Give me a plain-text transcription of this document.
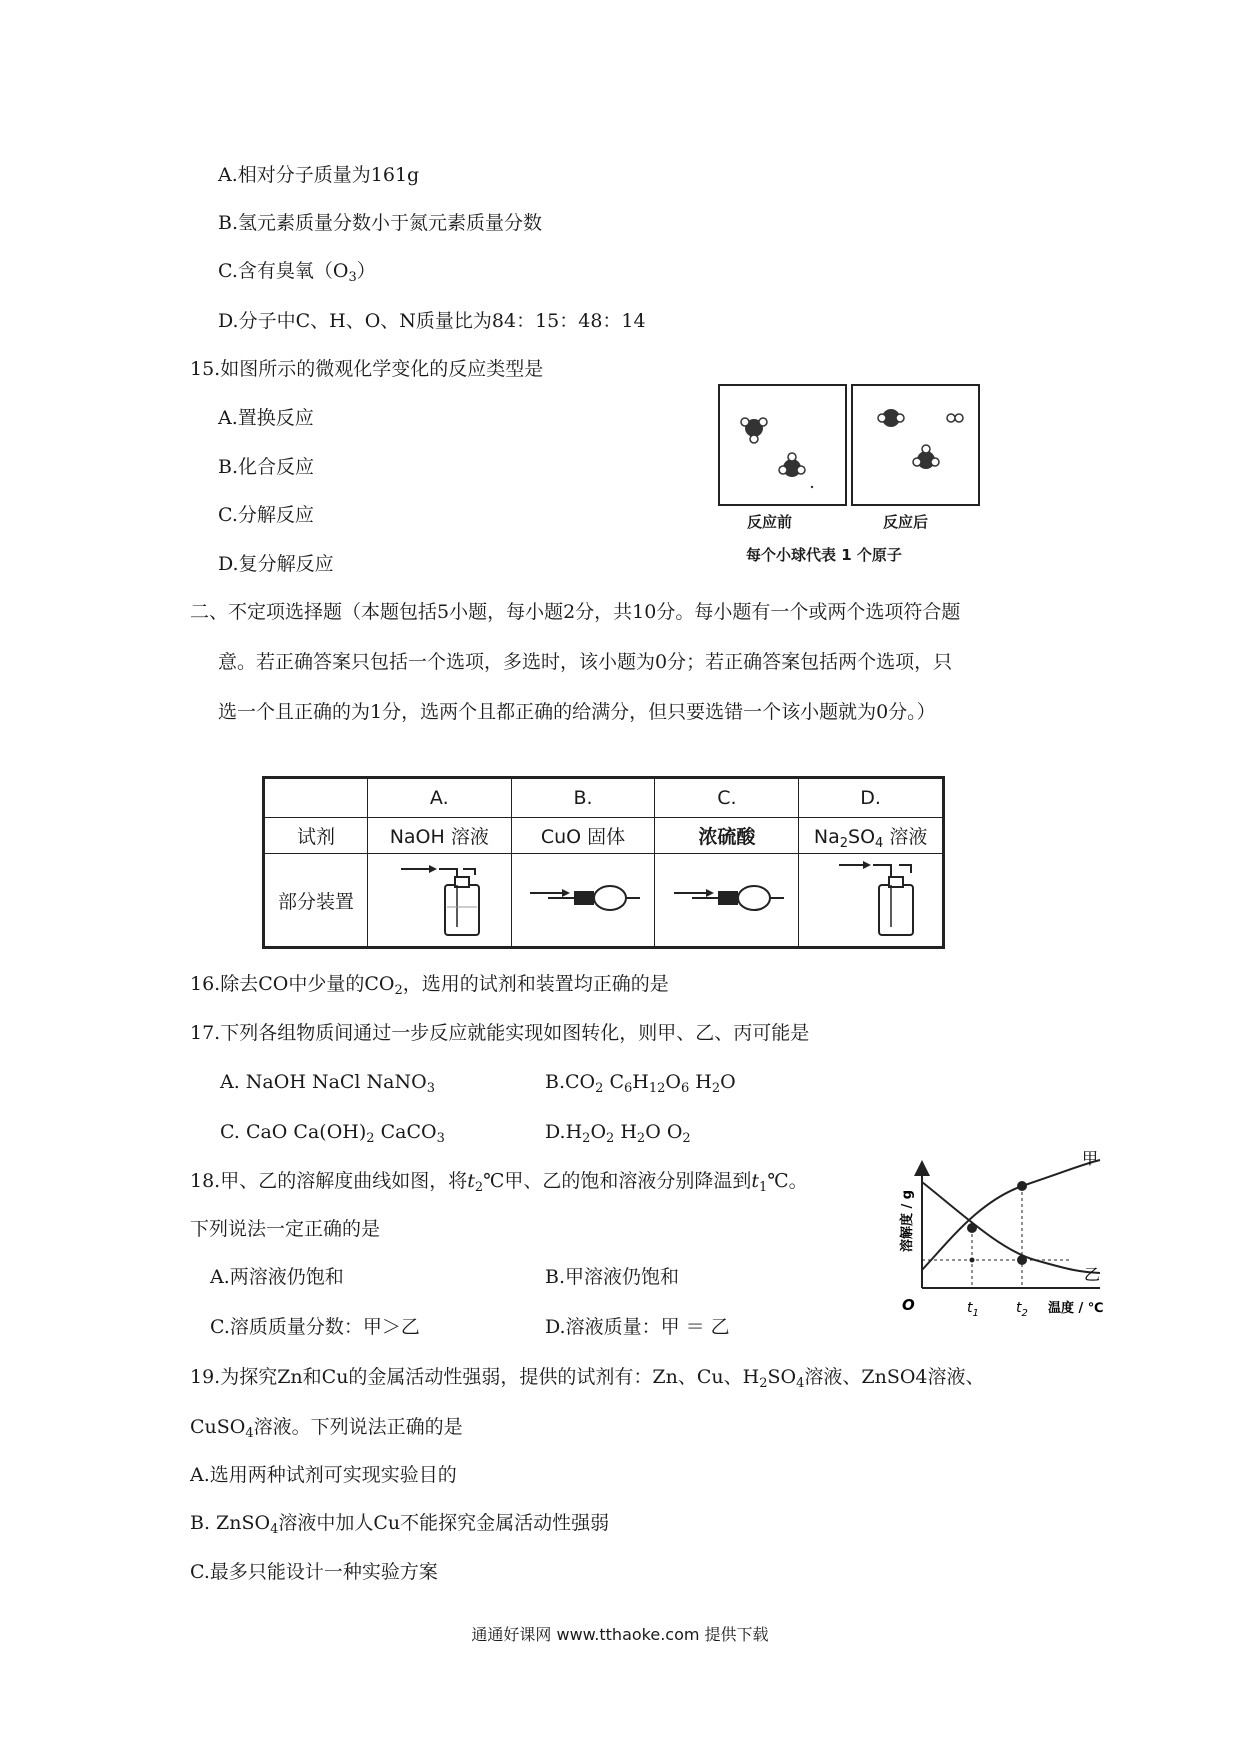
A.相对分子质量为161g
B.氢元素质量分数小于氮元素质量分数
C.含有臭氧$(O_3)$
D.分子中C、H、O、N质量比为84：15：48：14
15.如图所示的微观化学变化的反应类型是
A.置换反应
B.化合反应
C.分解反应
D.复分解反应
反应前	反应后
每个小球代表 1 个原子
二、不定项选择题（本题包括5小题，每小题2分，共10分。每小题有一个或两个选项符合题
意。若正确答案只包括一个选项，多选时，该小题为0分；若正确答案包括两个选项，只
选一个且正确的为1分，选两个且都正确的给满分，但只要选错一个该小题就为0分。）
	A.	B.	C.	D.
试剂	NaOH 溶液	CuO 固体	浓硫酸	$Na_2SO_4$ 溶液
部分装置				
16.除去CO中少量的$CO_2$，选用的试剂和装置均正确的是
17.下列各组物质间通过一步反应就能实现如图转化，则甲、乙、丙可能是
A. NaOH NaCl NaNO$_3$	$B.CO_2$ $C_6H_{12}O_6$ $H_2O$
C. CaO $Ca(OH)_2$ CaCO$_3$	$D.H_2O_2$ $H_2O$ $O_2$
18.甲、乙的溶解度曲线如图，将$t_2℃$甲、乙的饱和溶液分别降温到$t_1℃$。
下列说法一定正确的是
A.两溶液仍饱和	B.甲溶液仍饱和
C.溶质质量分数：甲＞乙	D.溶液质量：甲 ＝ 乙
溶解度 / g
O	$t_1$	$t_2$ 温度 / ℃
甲
乙
19.为探究Zn和Cu的金属活动性强弱，提供的试剂有：Zn、Cu、$H_2SO_4$溶液、ZnSO4溶液、
CuSO$_4$溶液。下列说法正确的是
A.选用两种试剂可实现实验目的
B. ZnSO$_4$溶液中加人Cu不能探究金属活动性强弱
C.最多只能设计一种实验方案
通通好课网 www.tthaoke.com 提供下载
